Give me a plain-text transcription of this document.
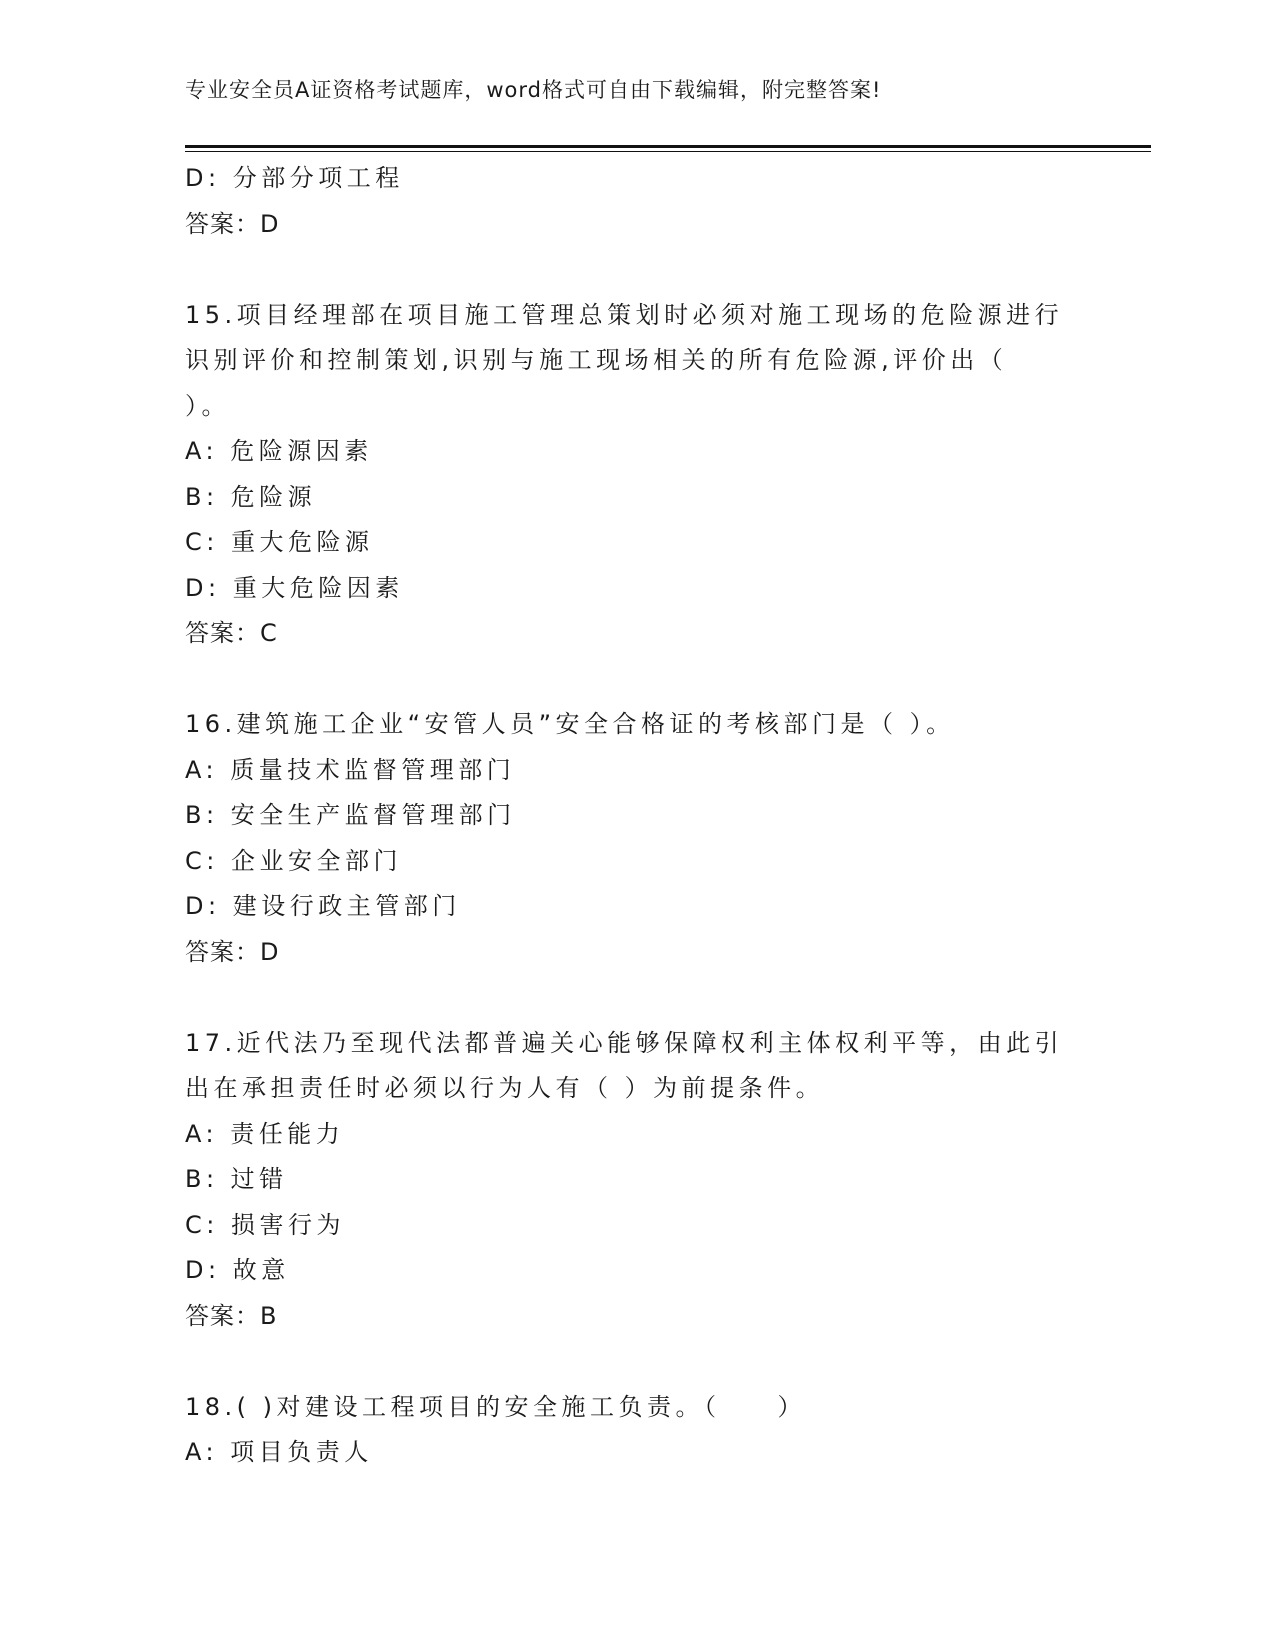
专业安全员A证资格考试题库，word格式可自由下载编辑，附完整答案!
D: 分部分项工程
答案：D
15.项目经理部在项目施工管理总策划时必须对施工现场的危险源进行
识别评价和控制策划,识别与施工现场相关的所有危险源,评价出（
）。
A: 危险源因素
B: 危险源
C: 重大危险源
D: 重大危险因素
答案：C
16.建筑施工企业“安管人员”安全合格证的考核部门是（ ）。
A: 质量技术监督管理部门
B: 安全生产监督管理部门
C: 企业安全部门
D: 建设行政主管部门
答案：D
17.近代法乃至现代法都普遍关心能够保障权利主体权利平等，由此引
出在承担责任时必须以行为人有（ ）为前提条件。
A: 责任能力
B: 过错
C: 损害行为
D: 故意
答案：B
18.( )对建设工程项目的安全施工负责。（　　）
A: 项目负责人
